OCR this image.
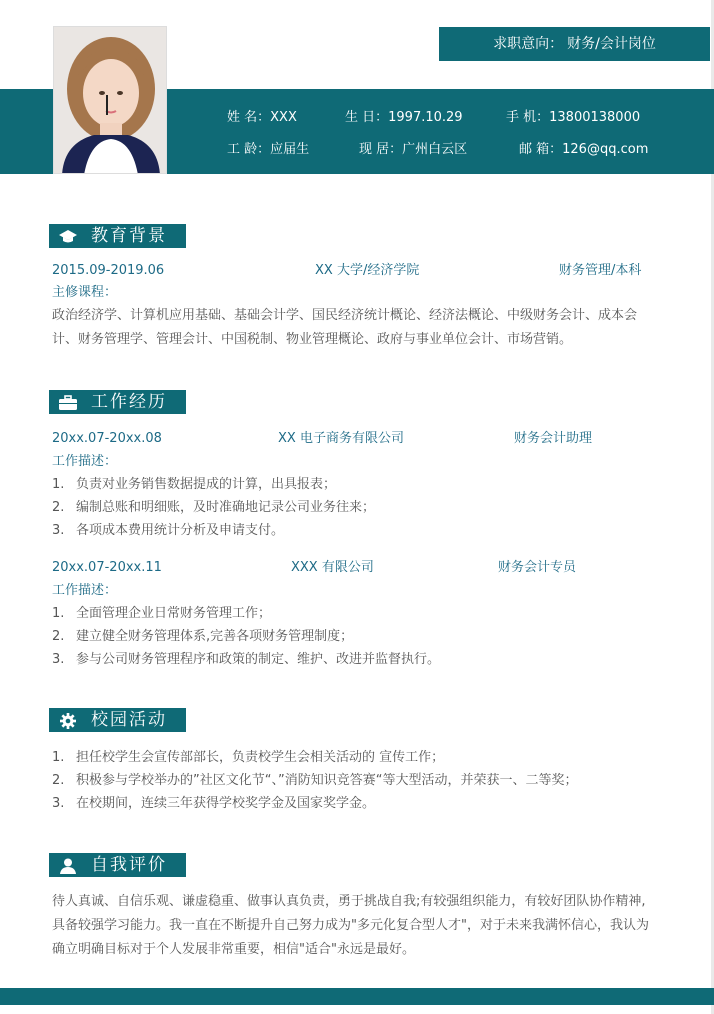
求职意向： 财务/会计岗位
姓 名：XXX	生 日：1997.10.29	手 机：13800138000
工 龄：应届生	现 居：广州白云区	邮 箱：126@qq.com
教育背景
2015.09-2019.06	XX 大学/经济学院	财务管理/本科
主修课程：
政治经济学、计算机应用基础、基础会计学、国民经济统计概论、经济法概论、中级财务会计、成本会计、财务管理学、管理会计、中国税制、物业管理概论、政府与事业单位会计、市场营销。
工作经历
20xx.07-20xx.08	XX 电子商务有限公司	财务会计助理
工作描述：
1. 负责对业务销售数据提成的计算，出具报表；
2. 编制总账和明细账，及时准确地记录公司业务往来；
3. 各项成本费用统计分析及申请支付。
20xx.07-20xx.11	XXX 有限公司	财务会计专员
工作描述：
1. 全面管理企业日常财务管理工作；
2. 建立健全财务管理体系,完善各项财务管理制度；
3. 参与公司财务管理程序和政策的制定、维护、改进并监督执行。
校园活动
1. 担任校学生会宣传部部长，负责校学生会相关活动的 宣传工作；
2. 积极参与学校举办的”社区文化节“、”消防知识竞答赛“等大型活动，并荣获一、二等奖；
3. 在校期间，连续三年获得学校奖学金及国家奖学金。
自我评价
待人真诚、自信乐观、谦虚稳重、做事认真负责，勇于挑战自我;有较强组织能力，有较好团队协作精神,具备较强学习能力。我一直在不断提升自己努力成为"多元化复合型人才"，对于未来我满怀信心，我认为确立明确目标对于个人发展非常重要，相信"适合"永远是最好。
